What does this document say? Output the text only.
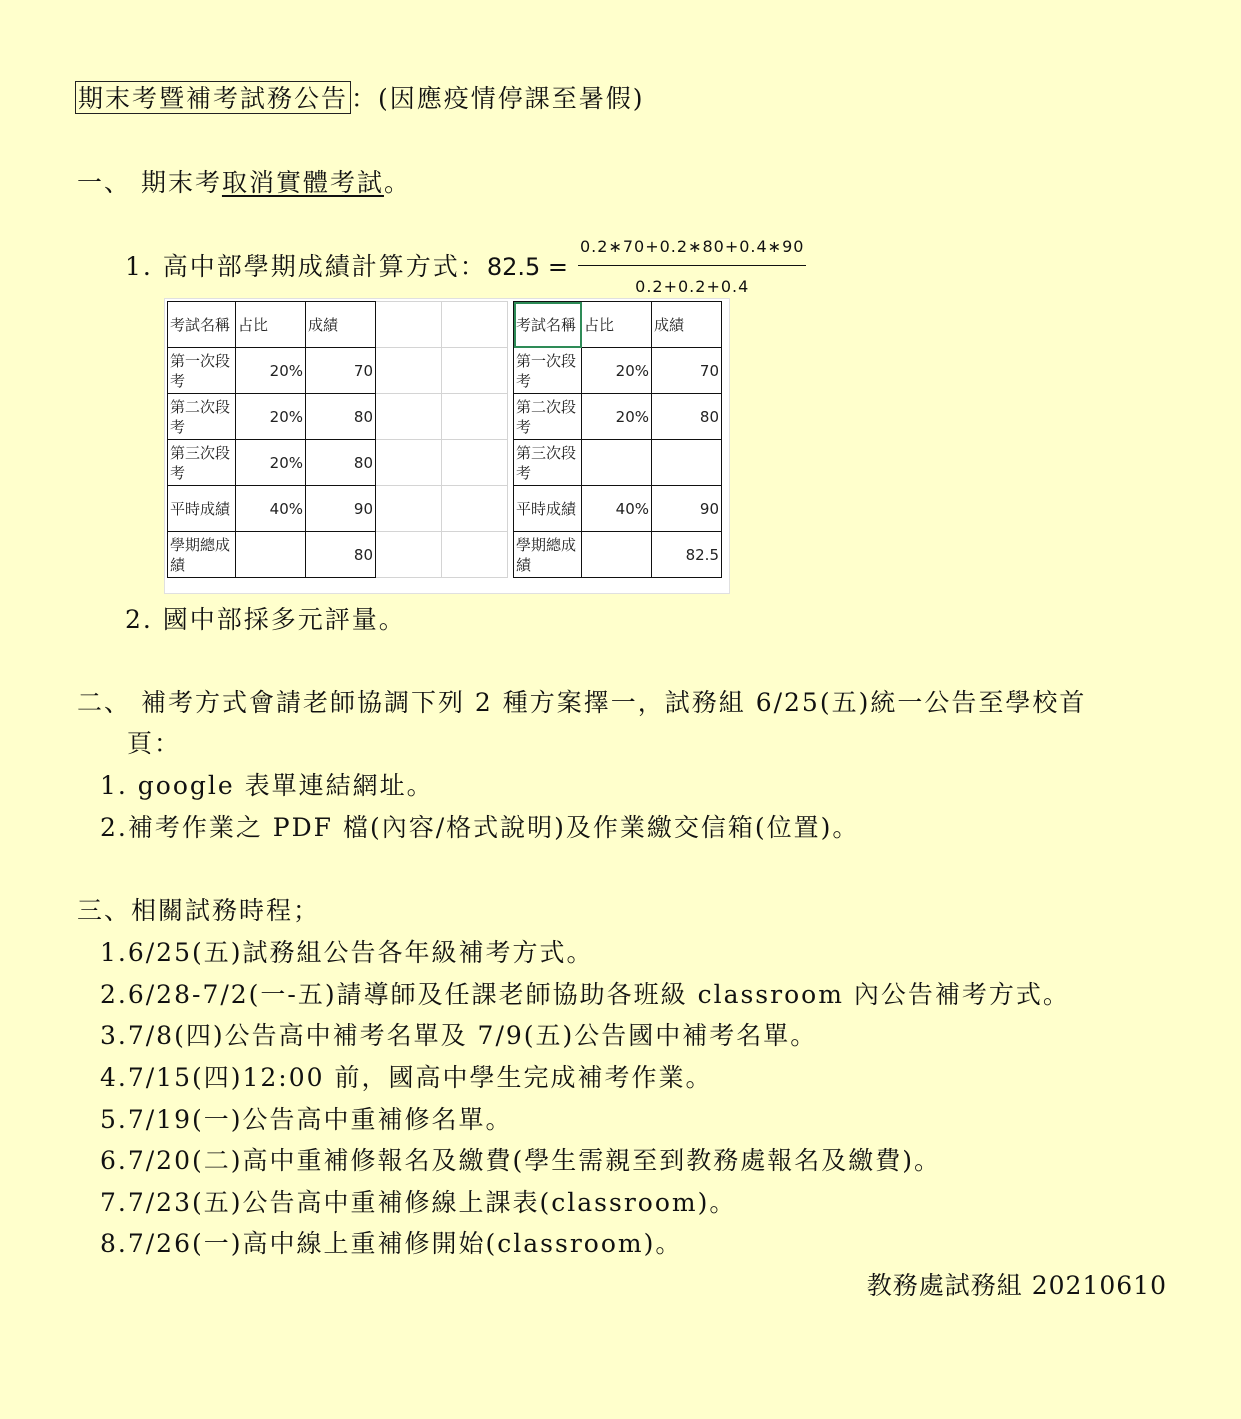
期末考暨補考試務公告 ：(因應疫情停課至暑假)
一、 期末考取消實體考試。
1. 高中部學期成績計算方式： $82.5 = \frac{0.2∗70+0.2∗80+0.4∗90}{0.2+0.2+0.4}$
考試名稱	占比	成績		
第一次段考	20%	70		
第二次段考	20%	80		
第三次段考	20%	80		
平時成績	40%	90		
學期總成績		80		
考試名稱	占比	成績
第一次段考	20%	70
第二次段考	20%	80
第三次段考		
平時成績	40%	90
學期總成績		82.5
2. 國中部採多元評量。
二、 補考方式會請老師協調下列 2 種方案擇一，試務組 6/25(五)統一公告至學校首
頁：
1. google 表單連結網址。
2.補考作業之 PDF 檔(內容/格式說明)及作業繳交信箱(位置)。
三、相關試務時程；
1.6/25(五)試務組公告各年級補考方式。
2.6/28-7/2(一-五)請導師及任課老師協助各班級 classroom 內公告補考方式。
3.7/8(四)公告高中補考名單及 7/9(五)公告國中補考名單。
4.7/15(四)12:00 前，國高中學生完成補考作業。
5.7/19(一)公告高中重補修名單。
6.7/20(二)高中重補修報名及繳費(學生需親至到教務處報名及繳費)。
7.7/23(五)公告高中重補修線上課表(classroom)。
8.7/26(一)高中線上重補修開始(classroom)。
教務處試務組 20210610
